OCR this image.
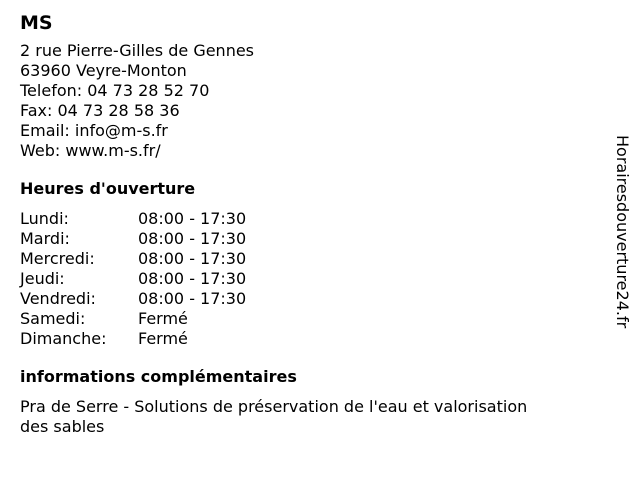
MS
2 rue Pierre-Gilles de Gennes
63960 Veyre-Monton
Telefon: 04 73 28 52 70
Fax: 04 73 28 58 36
Email: info@m-s.fr
Web: www.m-s.fr/
Heures d'ouverture
Lundi:	08:00 - 17:30
Mardi:	08:00 - 17:30
Mercredi:	08:00 - 17:30
Jeudi:	08:00 - 17:30
Vendredi:	08:00 - 17:30
Samedi:	Fermé
Dimanche:	Fermé
informations complémentaires
Pra de Serre - Solutions de préservation de l'eau et valorisation
des sables
Horairesdouverture24.fr
